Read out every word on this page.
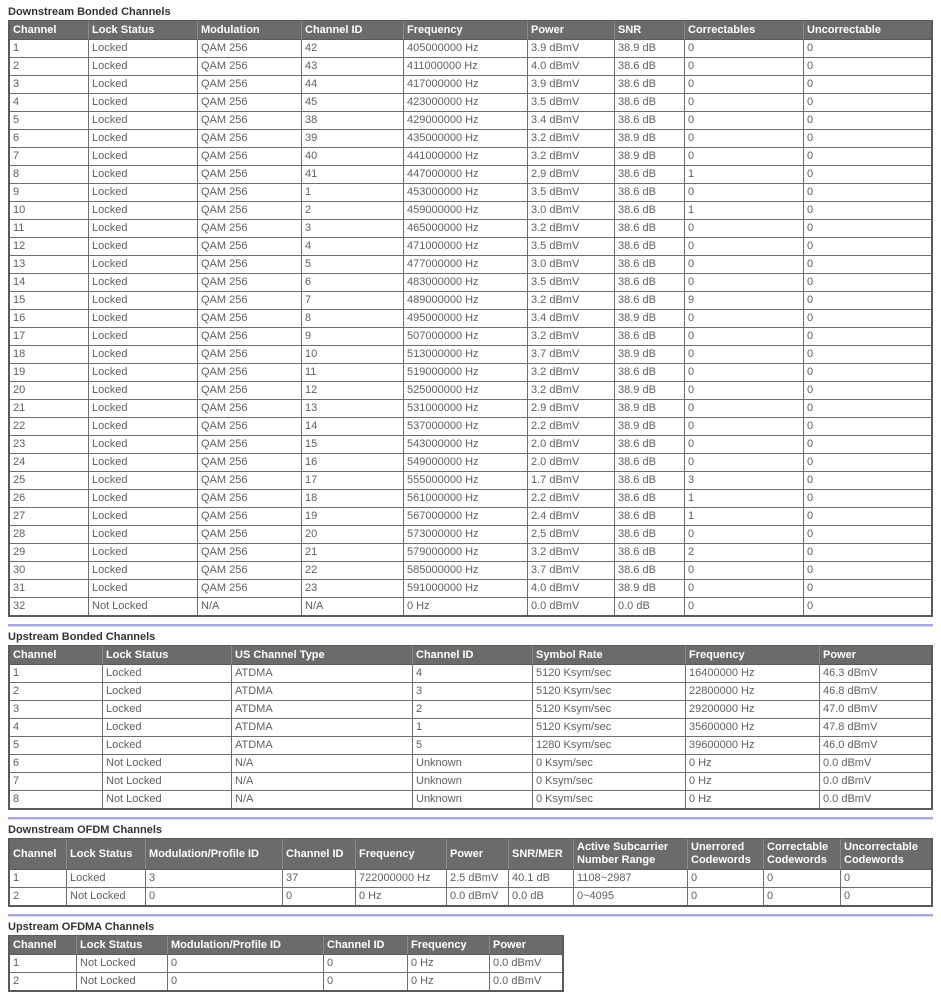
Downstream Bonded Channels
Channel	Lock Status	Modulation	Channel ID	Frequency	Power	SNR	Correctables	Uncorrectable
1	Locked	QAM 256	42	405000000 Hz	3.9 dBmV	38.9 dB	0	0
2	Locked	QAM 256	43	411000000 Hz	4.0 dBmV	38.6 dB	0	0
3	Locked	QAM 256	44	417000000 Hz	3.9 dBmV	38.6 dB	0	0
4	Locked	QAM 256	45	423000000 Hz	3.5 dBmV	38.6 dB	0	0
5	Locked	QAM 256	38	429000000 Hz	3.4 dBmV	38.6 dB	0	0
6	Locked	QAM 256	39	435000000 Hz	3.2 dBmV	38.9 dB	0	0
7	Locked	QAM 256	40	441000000 Hz	3.2 dBmV	38.9 dB	0	0
8	Locked	QAM 256	41	447000000 Hz	2.9 dBmV	38.6 dB	1	0
9	Locked	QAM 256	1	453000000 Hz	3.5 dBmV	38.6 dB	0	0
10	Locked	QAM 256	2	459000000 Hz	3.0 dBmV	38.6 dB	1	0
11	Locked	QAM 256	3	465000000 Hz	3.2 dBmV	38.6 dB	0	0
12	Locked	QAM 256	4	471000000 Hz	3.5 dBmV	38.6 dB	0	0
13	Locked	QAM 256	5	477000000 Hz	3.0 dBmV	38.6 dB	0	0
14	Locked	QAM 256	6	483000000 Hz	3.5 dBmV	38.6 dB	0	0
15	Locked	QAM 256	7	489000000 Hz	3.2 dBmV	38.6 dB	9	0
16	Locked	QAM 256	8	495000000 Hz	3.4 dBmV	38.9 dB	0	0
17	Locked	QAM 256	9	507000000 Hz	3.2 dBmV	38.6 dB	0	0
18	Locked	QAM 256	10	513000000 Hz	3.7 dBmV	38.9 dB	0	0
19	Locked	QAM 256	11	519000000 Hz	3.2 dBmV	38.6 dB	0	0
20	Locked	QAM 256	12	525000000 Hz	3.2 dBmV	38.9 dB	0	0
21	Locked	QAM 256	13	531000000 Hz	2.9 dBmV	38.9 dB	0	0
22	Locked	QAM 256	14	537000000 Hz	2.2 dBmV	38.9 dB	0	0
23	Locked	QAM 256	15	543000000 Hz	2.0 dBmV	38.6 dB	0	0
24	Locked	QAM 256	16	549000000 Hz	2.0 dBmV	38.6 dB	0	0
25	Locked	QAM 256	17	555000000 Hz	1.7 dBmV	38.6 dB	3	0
26	Locked	QAM 256	18	561000000 Hz	2.2 dBmV	38.6 dB	1	0
27	Locked	QAM 256	19	567000000 Hz	2.4 dBmV	38.6 dB	1	0
28	Locked	QAM 256	20	573000000 Hz	2.5 dBmV	38.6 dB	0	0
29	Locked	QAM 256	21	579000000 Hz	3.2 dBmV	38.6 dB	2	0
30	Locked	QAM 256	22	585000000 Hz	3.7 dBmV	38.6 dB	0	0
31	Locked	QAM 256	23	591000000 Hz	4.0 dBmV	38.9 dB	0	0
32	Not Locked	N/A	N/A	0 Hz	0.0 dBmV	0.0 dB	0	0
Upstream Bonded Channels
Channel	Lock Status	US Channel Type	Channel ID	Symbol Rate	Frequency	Power
1	Locked	ATDMA	4	5120 Ksym/sec	16400000 Hz	46.3 dBmV
2	Locked	ATDMA	3	5120 Ksym/sec	22800000 Hz	46.8 dBmV
3	Locked	ATDMA	2	5120 Ksym/sec	29200000 Hz	47.0 dBmV
4	Locked	ATDMA	1	5120 Ksym/sec	35600000 Hz	47.8 dBmV
5	Locked	ATDMA	5	1280 Ksym/sec	39600000 Hz	46.0 dBmV
6	Not Locked	N/A	Unknown	0 Ksym/sec	0 Hz	0.0 dBmV
7	Not Locked	N/A	Unknown	0 Ksym/sec	0 Hz	0.0 dBmV
8	Not Locked	N/A	Unknown	0 Ksym/sec	0 Hz	0.0 dBmV
Downstream OFDM Channels
Channel	Lock Status	Modulation/Profile ID	Channel ID	Frequency	Power	SNR/MER	Active Subcarrier Number Range	Unerrored Codewords	Correctable Codewords	Uncorrectable Codewords
1	Locked	3	37	722000000 Hz	2.5 dBmV	40.1 dB	1108~2987	0	0	0
2	Not Locked	0	0	0 Hz	0.0 dBmV	0.0 dB	0~4095	0	0	0
Upstream OFDMA Channels
Channel	Lock Status	Modulation/Profile ID	Channel ID	Frequency	Power
1	Not Locked	0	0	0 Hz	0.0 dBmV
2	Not Locked	0	0	0 Hz	0.0 dBmV
